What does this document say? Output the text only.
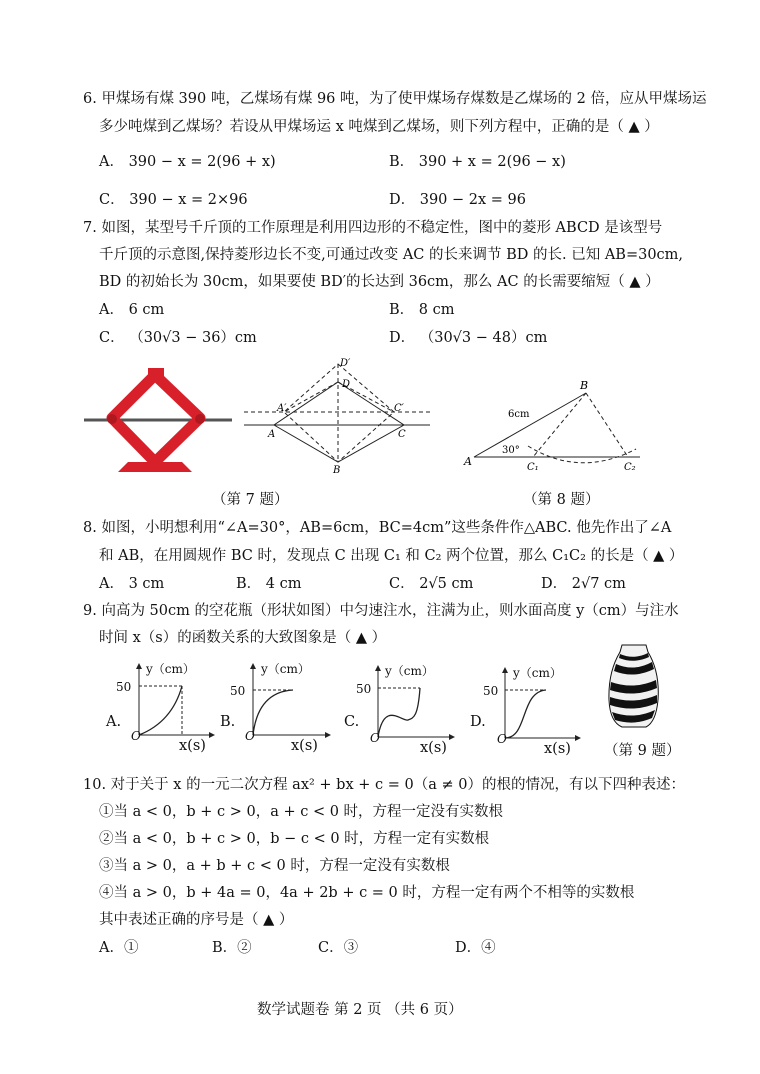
6. 甲煤场有煤 390 吨，乙煤场有煤 96 吨，为了使甲煤场存煤数是乙煤场的 2 倍，应从甲煤场运
多少吨煤到乙煤场？若设从甲煤场运 x 吨煤到乙煤场，则下列方程中，正确的是（ ▲ ）
A． 390 − x = 2(96 + x)	B． 390 + x = 2(96 − x)
C． 390 − x = 2×96	D． 390 − 2x = 96
7. 如图，某型号千斤顶的工作原理是利用四边形的不稳定性，图中的菱形 ABCD 是该型号
千斤顶的示意图,保持菱形边长不变,可通过改变 AC 的长来调节 BD 的长. 已知 AB=30cm,
BD 的初始长为 30cm，如果要使 BD′的长达到 36cm，那么 AC 的长需要缩短（ ▲ ）
A． 6 cm	B． 8 cm
C． （30√3 − 36）cm	D． （30√3 − 48）cm
D′
D
A′	C′
A	C
B
B
6cm
30°
A	C₁	C₂
（第 7 题）	（第 8 题）
8. 如图，小明想利用“∠A=30°，AB=6cm，BC=4cm”这些条件作△ABC. 他先作出了∠A
和 AB，在用圆规作 BC 时，发现点 C 出现 C₁ 和 C₂ 两个位置，那么 C₁C₂ 的长是（ ▲ ）
A． 3 cm	B． 4 cm	C． 2√5 cm	D． 2√7 cm
9. 向高为 50cm 的空花瓶（形状如图）中匀速注水，注满为止，则水面高度 y（cm）与注水
时间 x（s）的函数关系的大致图象是（ ▲ ）
A.	B.	C.	D.
y（cm）	y（cm）	y（cm）	y（cm）
50	50	50	50
O	O	O	O
x(s)	x(s)	x(s)	x(s) （第 9 题）
10. 对于关于 x 的一元二次方程 ax² + bx + c = 0（a ≠ 0）的根的情况，有以下四种表述：
①当 a < 0，b + c > 0，a + c < 0 时，方程一定没有实数根
②当 a < 0，b + c > 0，b − c < 0 时，方程一定有实数根
③当 a > 0，a + b + c < 0 时，方程一定没有实数根
④当 a > 0，b + 4a = 0，4a + 2b + c = 0 时，方程一定有两个不相等的实数根
其中表述正确的序号是（ ▲ ）
A．①	B．②	C．③	D．④
数学试题卷 第 2 页 （共 6 页）
